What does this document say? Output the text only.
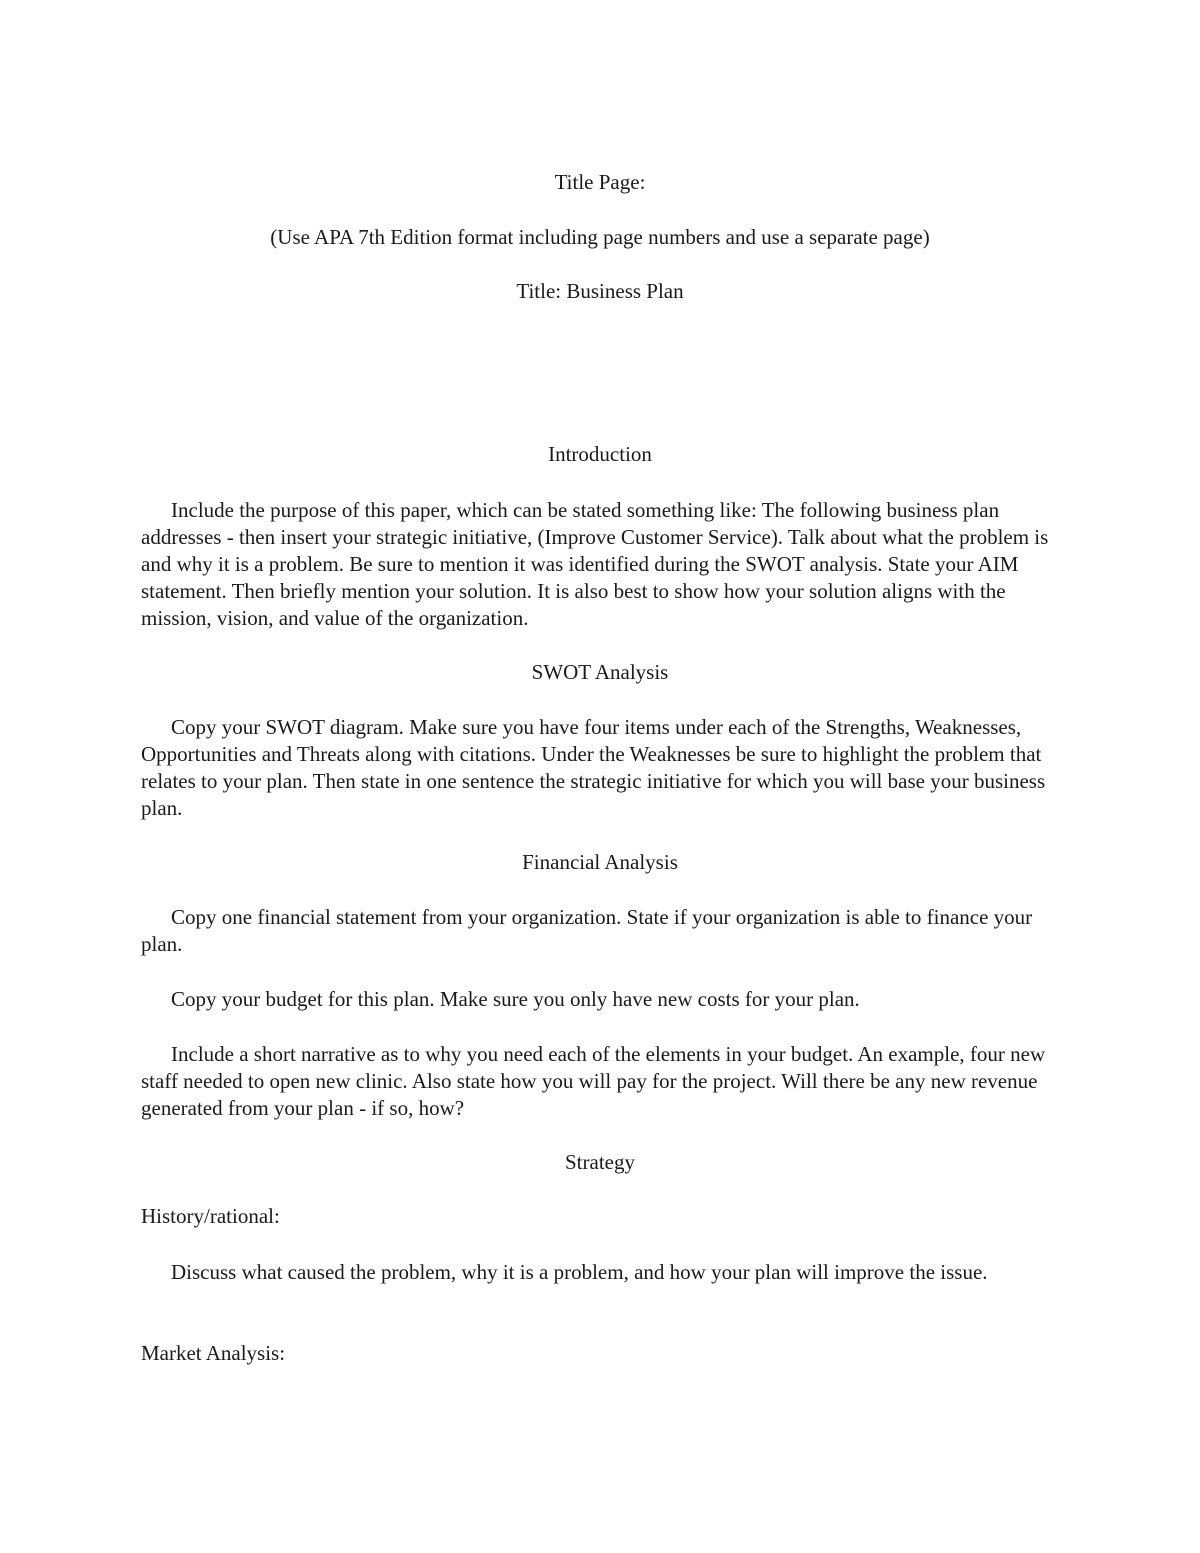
Title Page:
(Use APA 7th Edition format including page numbers and use a separate page)
Title: Business Plan
Introduction
Include the purpose of this paper, which can be stated something like: The following business plan addresses - then insert your strategic initiative, (Improve Customer Service). Talk about what the problem is and why it is a problem. Be sure to mention it was identified during the SWOT analysis. State your AIM statement. Then briefly mention your solution. It is also best to show how your solution aligns with the mission, vision, and value of the organization.
SWOT Analysis
Copy your SWOT diagram. Make sure you have four items under each of the Strengths, Weaknesses, Opportunities and Threats along with citations. Under the Weaknesses be sure to highlight the problem that relates to your plan. Then state in one sentence the strategic initiative for which you will base your business plan.
Financial Analysis
Copy one financial statement from your organization. State if your organization is able to finance your plan.
Copy your budget for this plan. Make sure you only have new costs for your plan.
Include a short narrative as to why you need each of the elements in your budget. An example, four new staff needed to open new clinic. Also state how you will pay for the project. Will there be any new revenue generated from your plan - if so, how?
Strategy
History/rational:
Discuss what caused the problem, why it is a problem, and how your plan will improve the issue.
Market Analysis:
